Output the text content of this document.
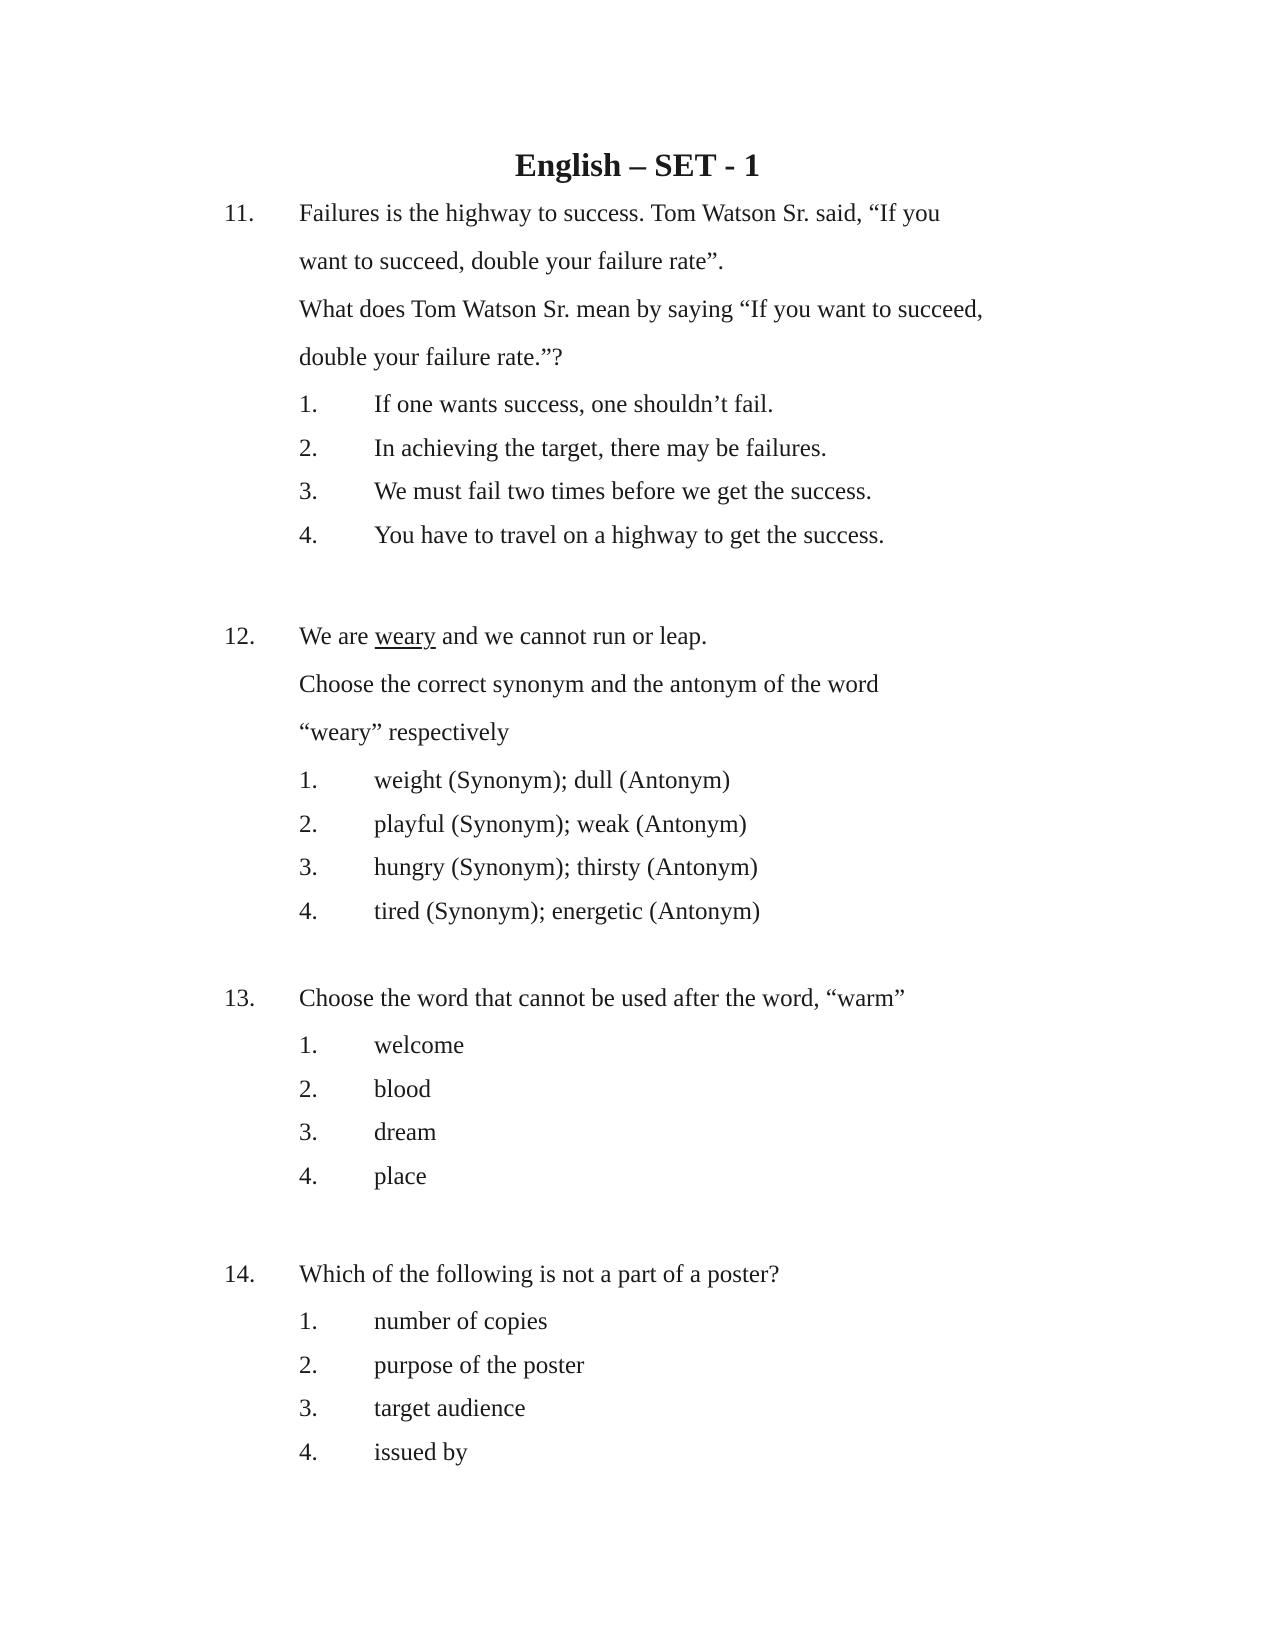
English – SET - 1
11. Failures is the highway to success. Tom Watson Sr. said, “If you

want to succeed, double your failure rate”.

What does Tom Watson Sr. mean by saying “If you want to succeed,

double your failure rate.”?

1. If one wants success, one shouldn’t fail.
2. In achieving the target, there may be failures.
3. We must fail two times before we get the success.
4. You have to travel on a highway to get the success.
12. We are weary and we cannot run or leap.

Choose the correct synonym and the antonym of the word

“weary” respectively

1. weight (Synonym); dull (Antonym)
2. playful (Synonym); weak (Antonym)
3. hungry (Synonym); thirsty (Antonym)
4. tired (Synonym); energetic (Antonym)
13. Choose the word that cannot be used after the word, “warm”

1. welcome
2. blood
3. dream
4. place
14. Which of the following is not a part of a poster?

1. number of copies
2. purpose of the poster
3. target audience
4. issued by
